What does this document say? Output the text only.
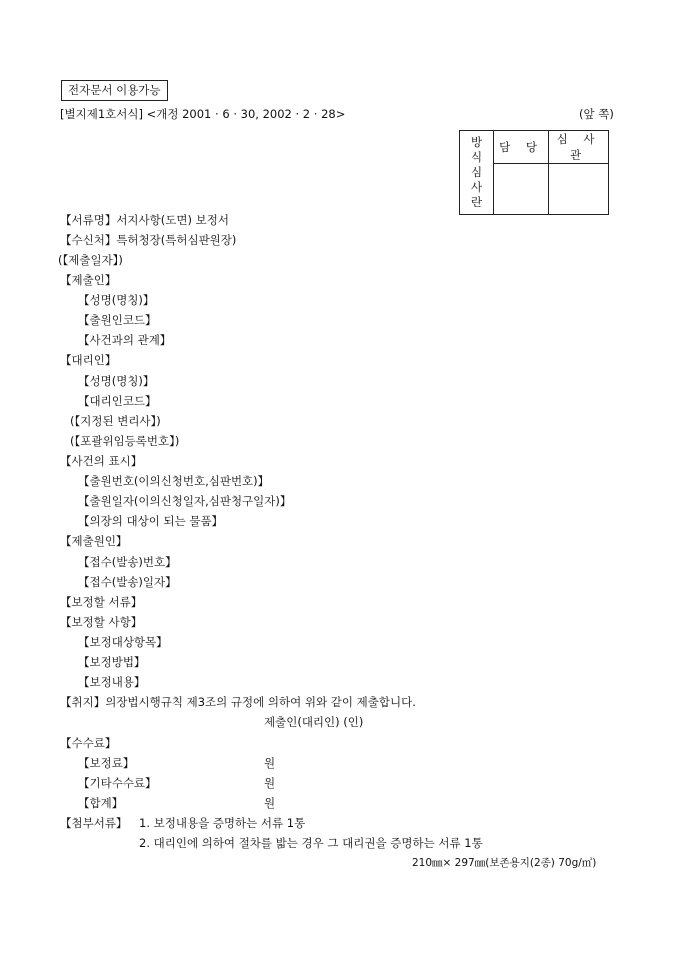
전자문서 이용가능
[별지제1호서식] <개정 2001 · 6 · 30, 2002 · 2 · 28>	(앞 쪽)
방
식
심
사
란	담 당	심 사 관

【서류명】서지사항(도면) 보정서
【수신처】특허청장(특허심판원장)
(【제출일자】)
【제출인】
【성명(명칭)】
【출원인코드】
【사건과의 관계】
【대리인】
【성명(명칭)】
【대리인코드】
(【지정된 변리사】)
(【포괄위임등록번호】)
【사건의 표시】
【출원번호(이의신청번호,심판번호)】
【출원일자(이의신청일자,심판청구일자)】
【의장의 대상이 되는 물품】
【제출원인】
【접수(발송)번호】
【접수(발송)일자】
【보정할 서류】
【보정할 사항】
【보정대상항목】
【보정방법】
【보정내용】
【취지】의장법시행규칙 제3조의 규정에 의하여 위와 같이 제출합니다.
제출인(대리인) (인)
【수수료】
【보정료】	원
【기타수수료】	원
【합계】	원
【첨부서류】 1. 보정내용을 증명하는 서류 1통
2. 대리인에 의하여 절차를 밟는 경우 그 대리권을 증명하는 서류 1통
210㎜× 297㎜(보존용지(2종) 70g/㎡)
